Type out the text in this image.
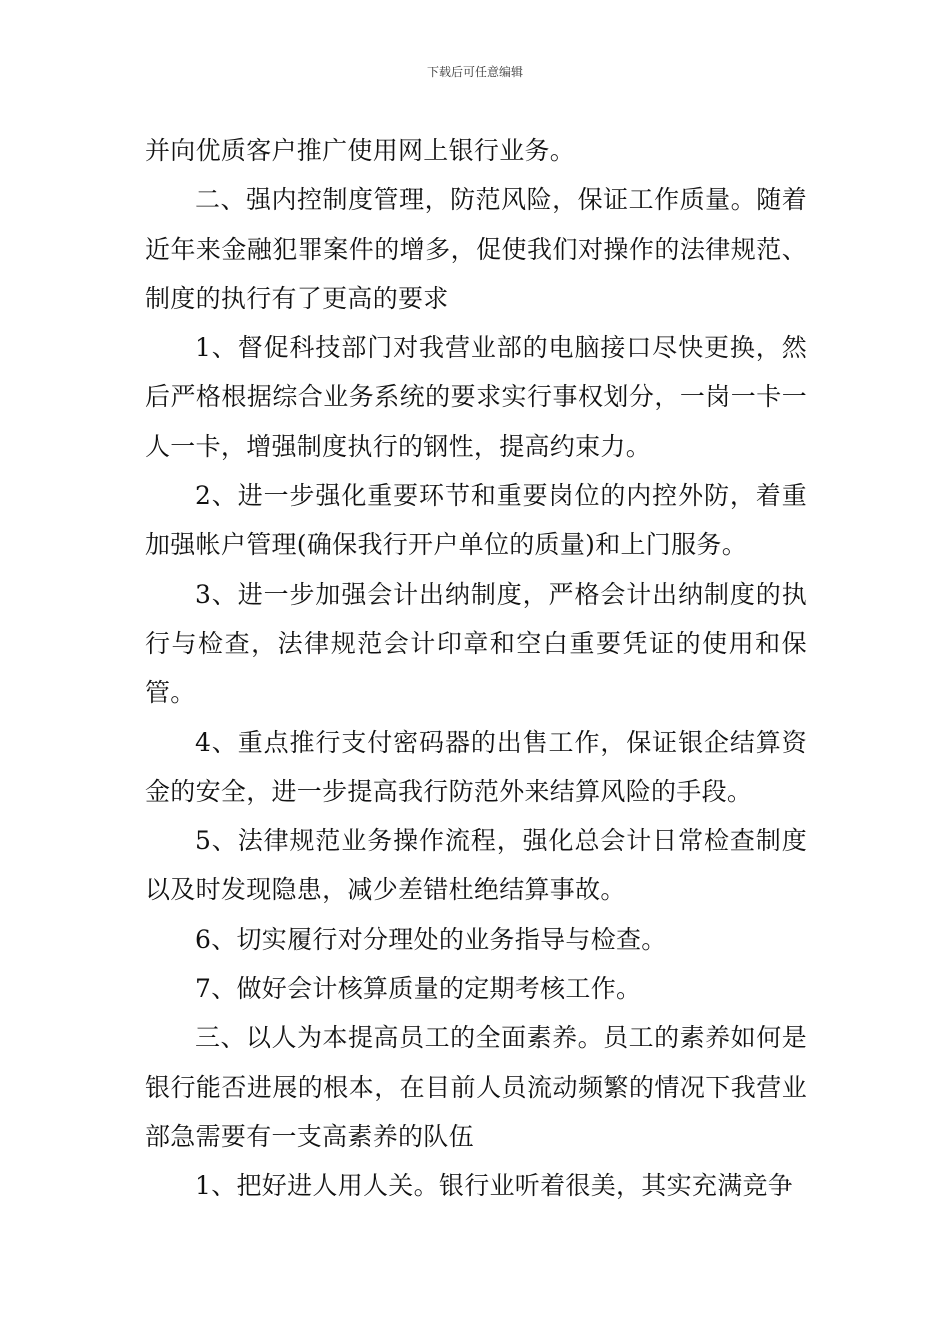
下载后可任意编辑

并向优质客户推广使用网上银行业务。

二、强内控制度管理，防范风险，保证工作质量。随着近年来金融犯罪案件的增多，促使我们对操作的法律规范、制度的执行有了更高的要求

1、督促科技部门对我营业部的电脑接口尽快更换，然后严格根据综合业务系统的要求实行事权划分，一岗一卡一人一卡，增强制度执行的钢性，提高约束力。

2、进一步强化重要环节和重要岗位的内控外防，着重加强帐户管理(确保我行开户单位的质量)和上门服务。

3、进一步加强会计出纳制度，严格会计出纳制度的执行与检查，法律规范会计印章和空白重要凭证的使用和保管。

4、重点推行支付密码器的出售工作，保证银企结算资金的安全，进一步提高我行防范外来结算风险的手段。

5、法律规范业务操作流程，强化总会计日常检查制度以及时发现隐患，减少差错杜绝结算事故。

6、切实履行对分理处的业务指导与检查。

7、做好会计核算质量的定期考核工作。

三、以人为本提高员工的全面素养。员工的素养如何是银行能否进展的根本，在目前人员流动频繁的情况下我营业部急需要有一支高素养的队伍

1、把好进人用人关。银行业听着很美，其实充满竞争
